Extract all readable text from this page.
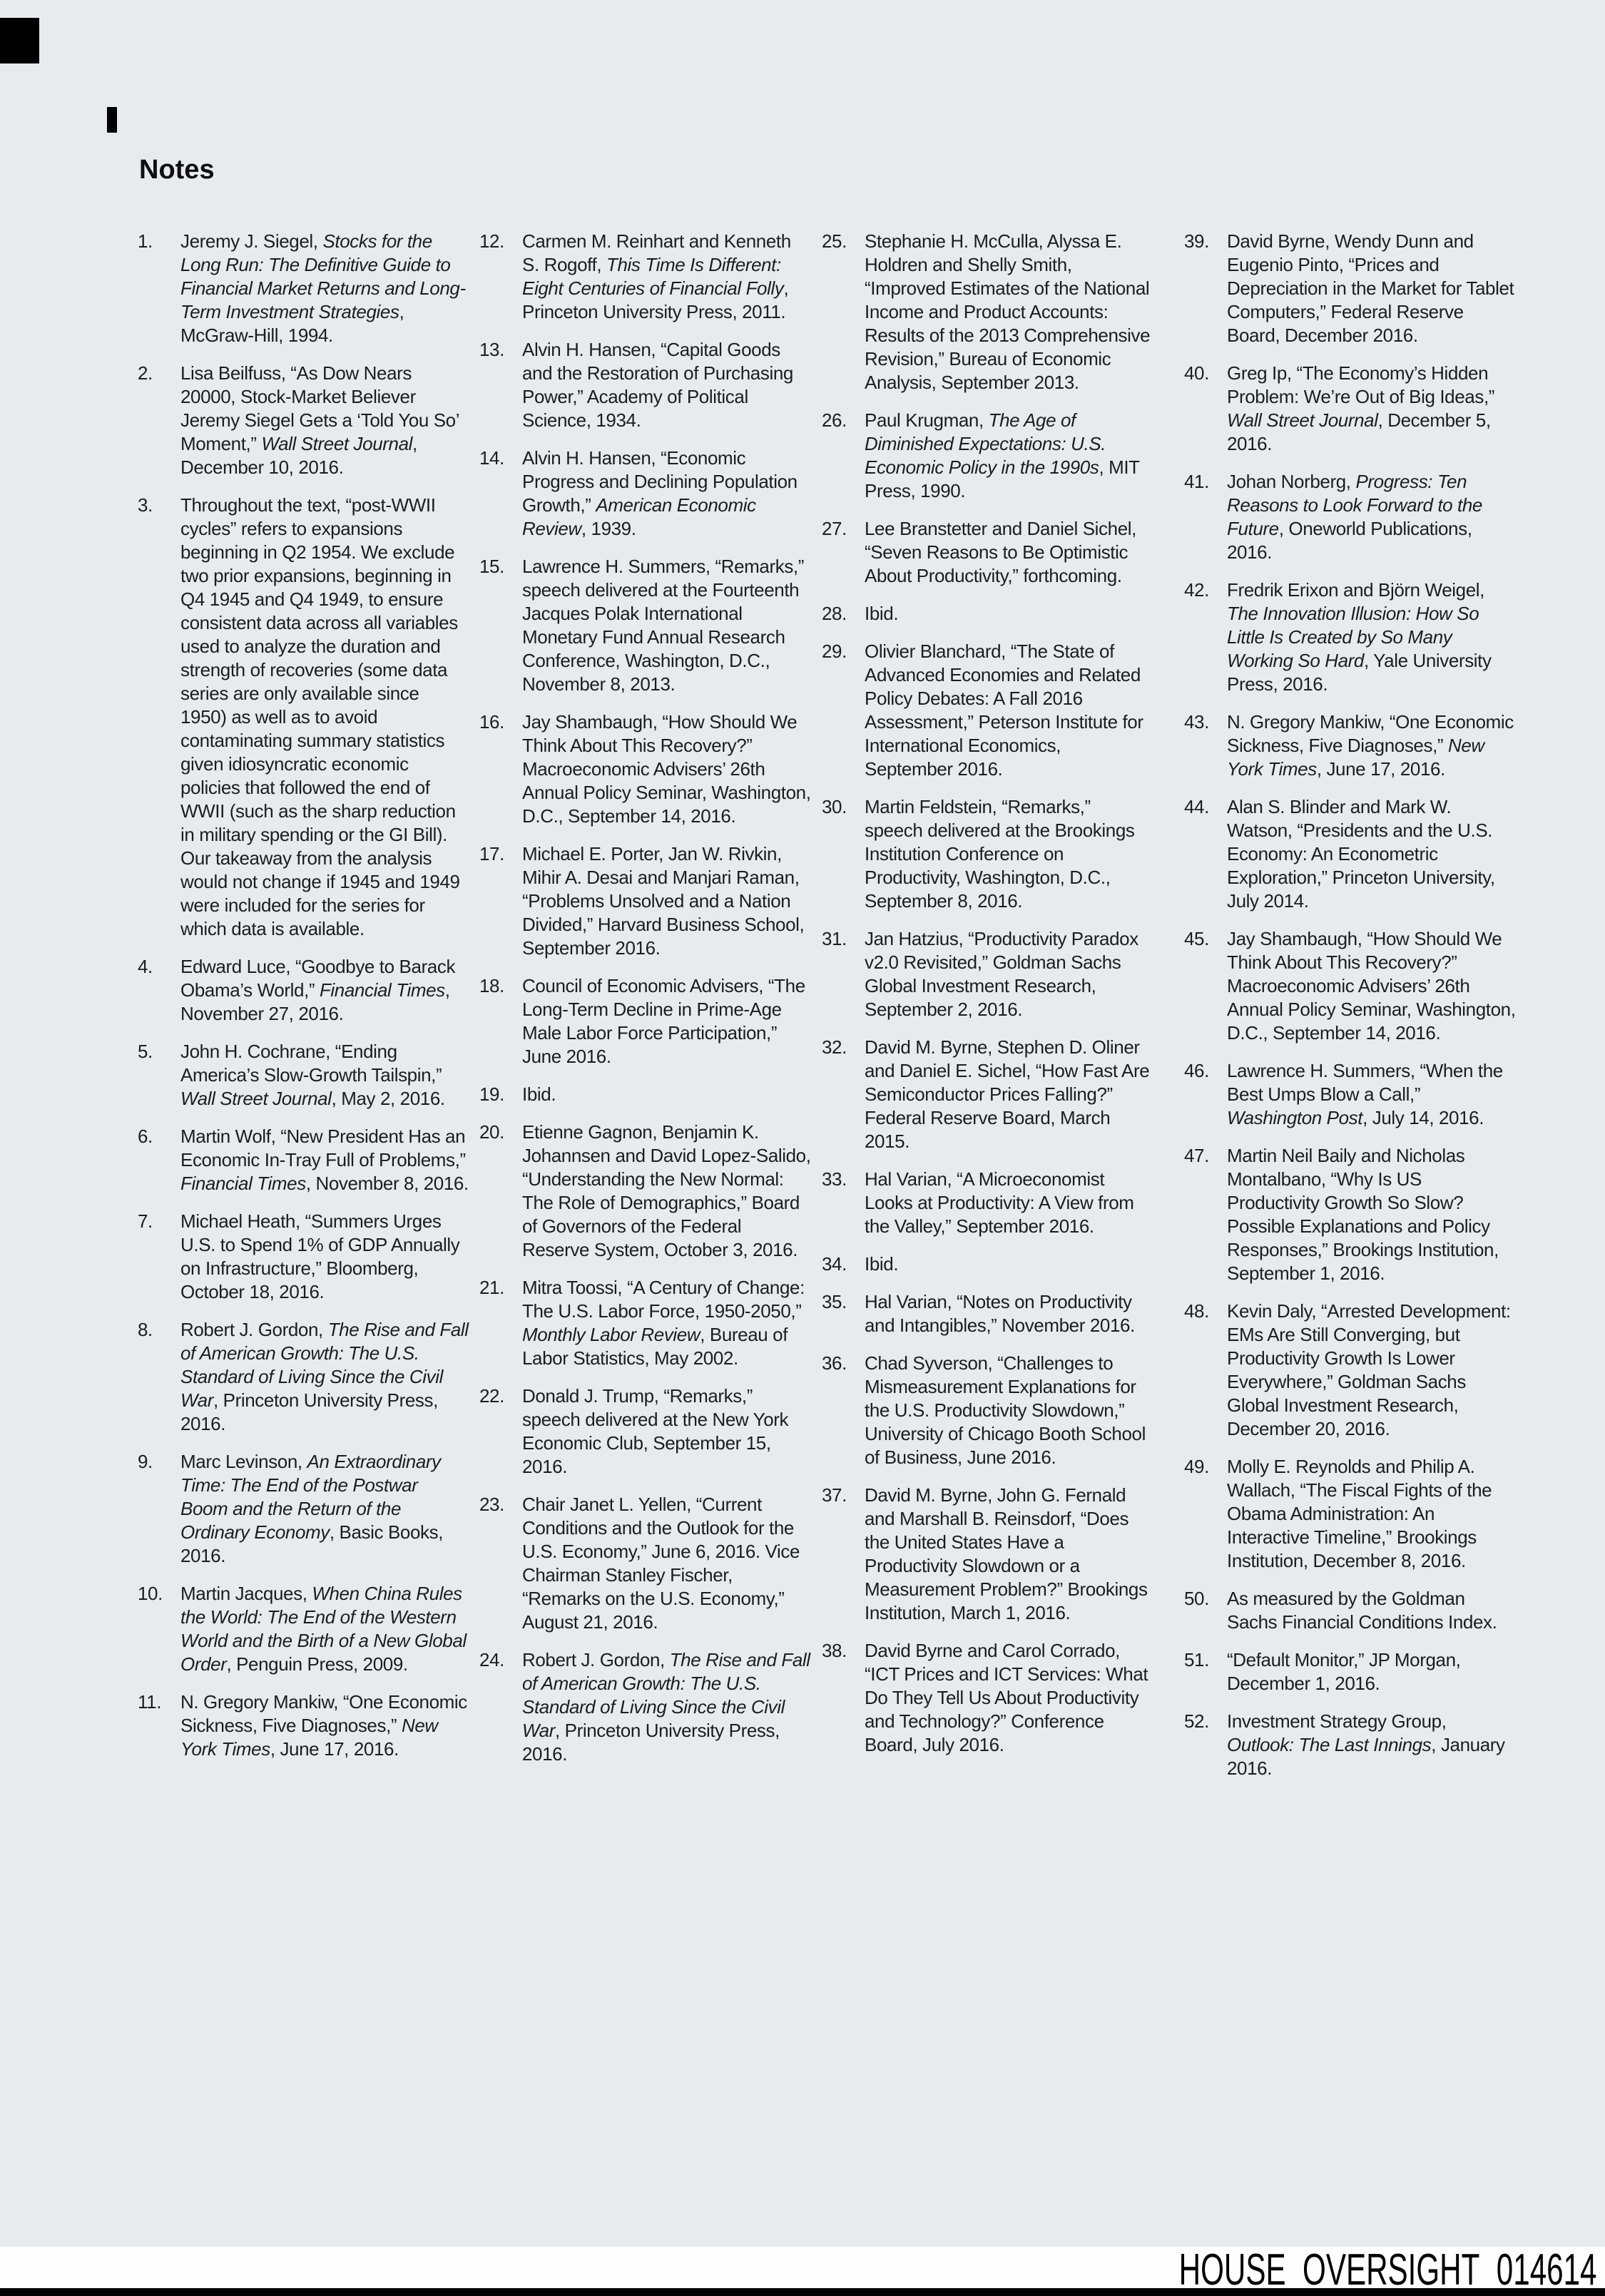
Notes
1.	Jeremy J. Siegel, Stocks for the Long Run: The Definitive Guide to Financial Market Returns and Long-Term Investment Strategies, McGraw-Hill, 1994.
2.	Lisa Beilfuss, “As Dow Nears 20000, Stock-Market Believer Jeremy Siegel Gets a ‘Told You So’ Moment,” Wall Street Journal, December 10, 2016.
3.	Throughout the text, “post-WWII cycles” refers to expansions beginning in Q2 1954. We exclude two prior expansions, beginning in Q4 1945 and Q4 1949, to ensure consistent data across all variables used to analyze the duration and strength of recoveries (some data series are only available since 1950) as well as to avoid contaminating summary statistics given idiosyncratic economic policies that followed the end of WWII (such as the sharp reduction in military spending or the GI Bill). Our takeaway from the analysis would not change if 1945 and 1949 were included for the series for which data is available.
4.	Edward Luce, “Goodbye to Barack Obama’s World,” Financial Times, November 27, 2016.
5.	John H. Cochrane, “Ending America’s Slow-Growth Tailspin,” Wall Street Journal, May 2, 2016.
6.	Martin Wolf, “New President Has an Economic In-Tray Full of Problems,” Financial Times, November 8, 2016.
7.	Michael Heath, “Summers Urges U.S. to Spend 1% of GDP Annually on Infrastructure,” Bloomberg, October 18, 2016.
8.	Robert J. Gordon, The Rise and Fall of American Growth: The U.S. Standard of Living Since the Civil War, Princeton University Press, 2016.
9.	Marc Levinson, An Extraordinary Time: The End of the Postwar Boom and the Return of the Ordinary Economy, Basic Books, 2016.
10. Martin Jacques, When China Rules the World: The End of the Western World and the Birth of a New Global Order, Penguin Press, 2009.
11.	N. Gregory Mankiw, “One Economic Sickness, Five Diagnoses,” New York Times, June 17, 2016.
12. Carmen M. Reinhart and Kenneth S. Rogoff, This Time Is Different: Eight Centuries of Financial Folly, Princeton University Press, 2011.
13. Alvin H. Hansen, “Capital Goods and the Restoration of Purchasing Power,” Academy of Political Science, 1934.
14. Alvin H. Hansen, “Economic Progress and Declining Population Growth,” American Economic Review, 1939.
15. Lawrence H. Summers, “Remarks,” speech delivered at the Fourteenth Jacques Polak International Monetary Fund Annual Research Conference, Washington, D.C., November 8, 2013.
16. Jay Shambaugh, “How Should We Think About This Recovery?” Macroeconomic Advisers’ 26th Annual Policy Seminar, Washington, D.C., September 14, 2016.
17. Michael E. Porter, Jan W. Rivkin, Mihir A. Desai and Manjari Raman, “Problems Unsolved and a Nation Divided,” Harvard Business School, September 2016.
18. Council of Economic Advisers, “The Long-Term Decline in Prime-Age Male Labor Force Participation,” June 2016.
19. Ibid.
20. Etienne Gagnon, Benjamin K. Johannsen and David Lopez-Salido, “Understanding the New Normal: The Role of Demographics,” Board of Governors of the Federal Reserve System, October 3, 2016.
21. Mitra Toossi, “A Century of Change: The U.S. Labor Force, 1950-2050,” Monthly Labor Review, Bureau of Labor Statistics, May 2002.
22. Donald J. Trump, “Remarks,” speech delivered at the New York Economic Club, September 15, 2016.
23. Chair Janet L. Yellen, “Current Conditions and the Outlook for the U.S. Economy,” June 6, 2016. Vice Chairman Stanley Fischer, “Remarks on the U.S. Economy,” August 21, 2016.
24. Robert J. Gordon, The Rise and Fall of American Growth: The U.S. Standard of Living Since the Civil War, Princeton University Press, 2016.
25. Stephanie H. McCulla, Alyssa E. Holdren and Shelly Smith, “Improved Estimates of the National Income and Product Accounts: Results of the 2013 Comprehensive Revision,” Bureau of Economic Analysis, September 2013.
26. Paul Krugman, The Age of Diminished Expectations: U.S. Economic Policy in the 1990s, MIT Press, 1990.
27. Lee Branstetter and Daniel Sichel, “Seven Reasons to Be Optimistic About Productivity,” forthcoming.
28. Ibid.
29. Olivier Blanchard, “The State of Advanced Economies and Related Policy Debates: A Fall 2016 Assessment,” Peterson Institute for International Economics, September 2016.
30. Martin Feldstein, “Remarks,” speech delivered at the Brookings Institution Conference on Productivity, Washington, D.C., September 8, 2016.
31. Jan Hatzius, “Productivity Paradox v2.0 Revisited,” Goldman Sachs Global Investment Research, September 2, 2016.
32. David M. Byrne, Stephen D. Oliner and Daniel E. Sichel, “How Fast Are Semiconductor Prices Falling?” Federal Reserve Board, March 2015.
33. Hal Varian, “A Microeconomist Looks at Productivity: A View from the Valley,” September 2016.
34. Ibid.
35. Hal Varian, “Notes on Productivity and Intangibles,” November 2016.
36. Chad Syverson, “Challenges to Mismeasurement Explanations for the U.S. Productivity Slowdown,” University of Chicago Booth School of Business, June 2016.
37. David M. Byrne, John G. Fernald and Marshall B. Reinsdorf, “Does the United States Have a Productivity Slowdown or a Measurement Problem?” Brookings Institution, March 1, 2016.
38. David Byrne and Carol Corrado, “ICT Prices and ICT Services: What Do They Tell Us About Productivity and Technology?” Conference Board, July 2016.
39. David Byrne, Wendy Dunn and Eugenio Pinto, “Prices and Depreciation in the Market for Tablet Computers,” Federal Reserve Board, December 2016.
40. Greg Ip, “The Economy’s Hidden Problem: We’re Out of Big Ideas,” Wall Street Journal, December 5, 2016.
41. Johan Norberg, Progress: Ten Reasons to Look Forward to the Future, Oneworld Publications, 2016.
42. Fredrik Erixon and Björn Weigel, The Innovation Illusion: How So Little Is Created by So Many Working So Hard, Yale University Press, 2016.
43. N. Gregory Mankiw, “One Economic Sickness, Five Diagnoses,” New York Times, June 17, 2016.
44. Alan S. Blinder and Mark W. Watson, “Presidents and the U.S. Economy: An Econometric Exploration,” Princeton University, July 2014.
45. Jay Shambaugh, “How Should We Think About This Recovery?” Macroeconomic Advisers’ 26th Annual Policy Seminar, Washington, D.C., September 14, 2016.
46. Lawrence H. Summers, “When the Best Umps Blow a Call,” Washington Post, July 14, 2016.
47. Martin Neil Baily and Nicholas Montalbano, “Why Is US Productivity Growth So Slow? Possible Explanations and Policy Responses,” Brookings Institution, September 1, 2016.
48. Kevin Daly, “Arrested Development: EMs Are Still Converging, but Productivity Growth Is Lower Everywhere,” Goldman Sachs Global Investment Research, December 20, 2016.
49. Molly E. Reynolds and Philip A. Wallach, “The Fiscal Fights of the Obama Administration: An Interactive Timeline,” Brookings Institution, December 8, 2016.
50. As measured by the Goldman Sachs Financial Conditions Index.
51. “Default Monitor,” JP Morgan, December 1, 2016.
52. Investment Strategy Group, Outlook: The Last Innings, January 2016.
HOUSE_OVERSIGHT_014614
